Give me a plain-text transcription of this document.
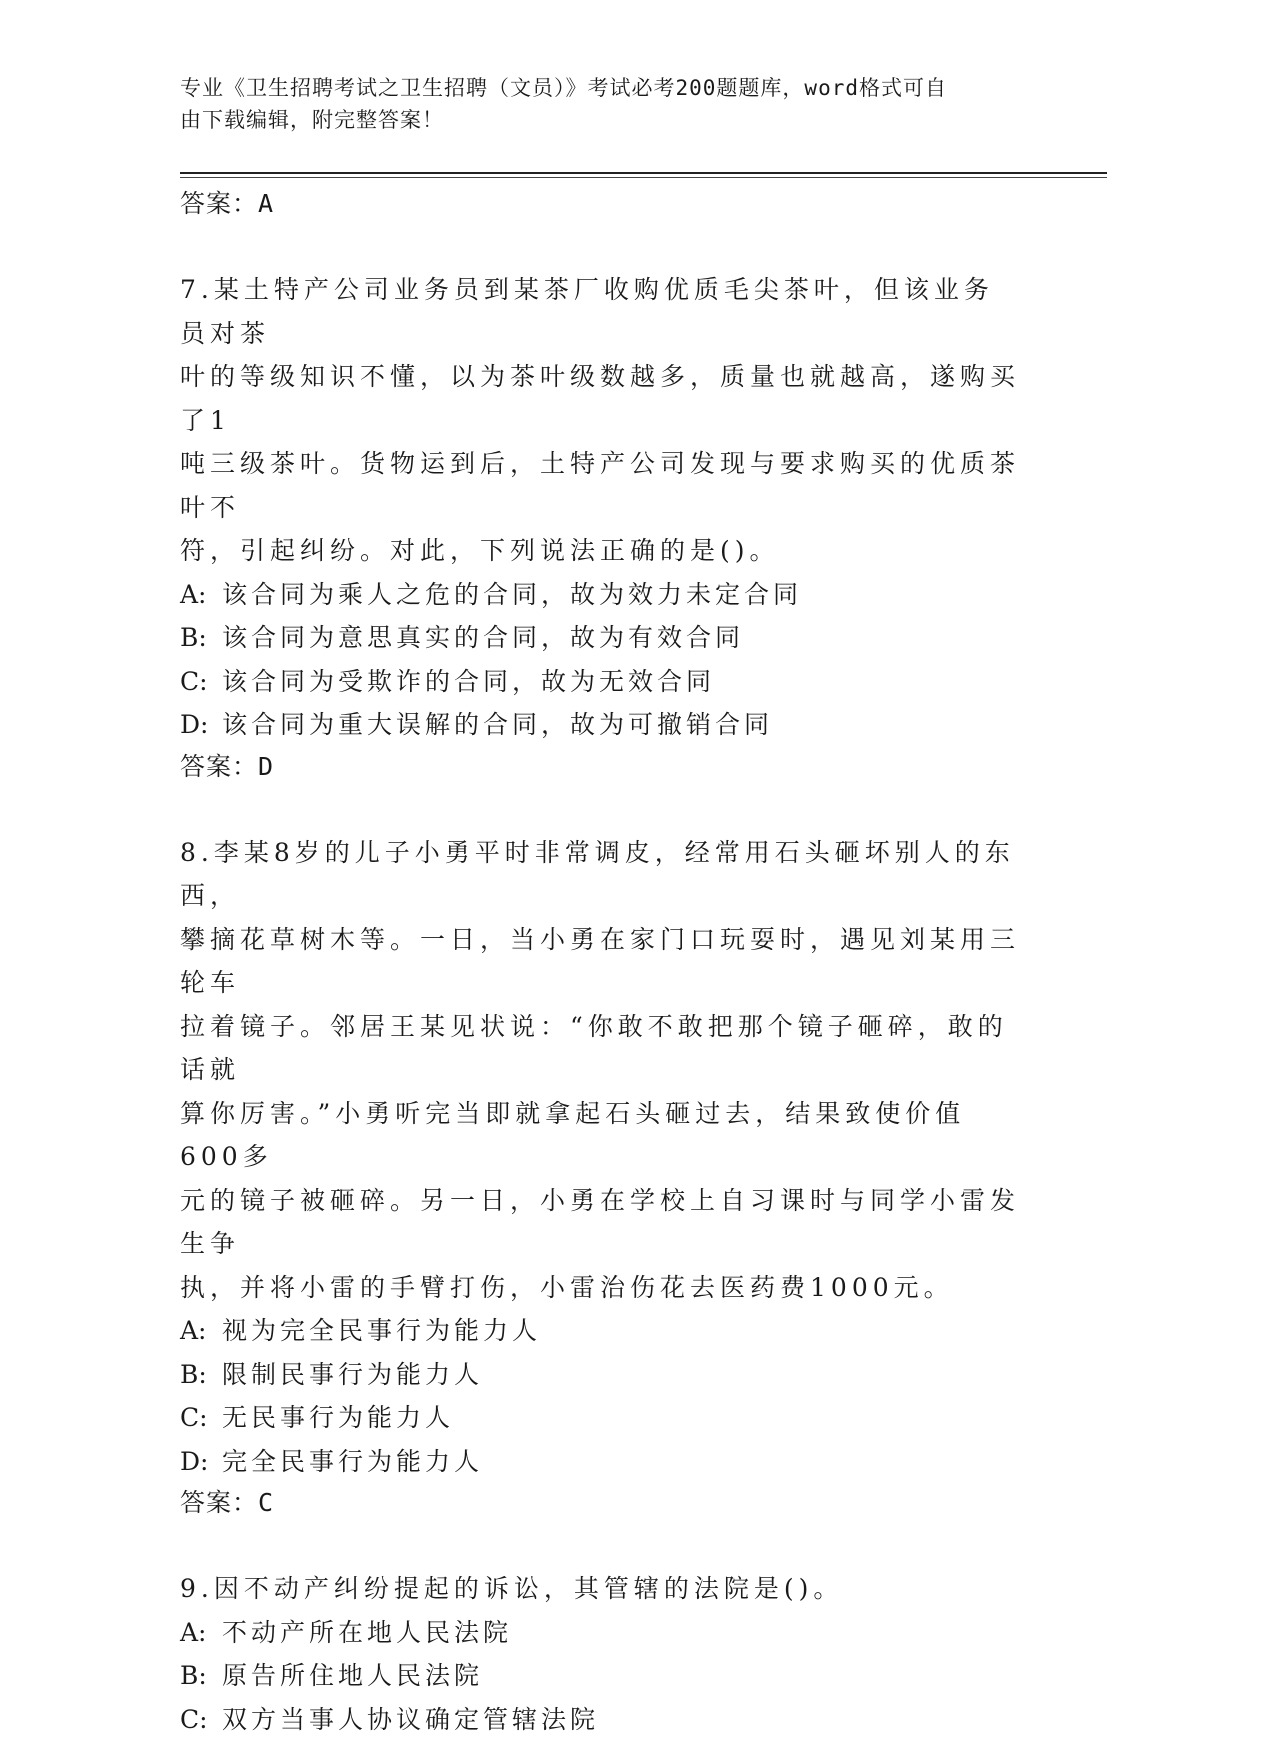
专业《卫生招聘考试之卫生招聘（文员）》考试必考200题题库，word格式可自
由下载编辑，附完整答案！
答案：A
7.某土特产公司业务员到某茶厂收购优质毛尖茶叶，但该业务员对茶
叶的等级知识不懂，以为茶叶级数越多，质量也就越高，遂购买了1
吨三级茶叶。货物运到后，土特产公司发现与要求购买的优质茶叶不
符，引起纠纷。对此，下列说法正确的是()。
A: 该合同为乘人之危的合同，故为效力未定合同
B: 该合同为意思真实的合同，故为有效合同
C: 该合同为受欺诈的合同，故为无效合同
D: 该合同为重大误解的合同，故为可撤销合同
答案：D
8.李某8岁的儿子小勇平时非常调皮，经常用石头砸坏别人的东西，
攀摘花草树木等。一日，当小勇在家门口玩耍时，遇见刘某用三轮车
拉着镜子。邻居王某见状说：“你敢不敢把那个镜子砸碎，敢的话就
算你厉害。”小勇听完当即就拿起石头砸过去，结果致使价值600多
元的镜子被砸碎。另一日，小勇在学校上自习课时与同学小雷发生争
执，并将小雷的手臂打伤，小雷治伤花去医药费1000元。
A: 视为完全民事行为能力人
B: 限制民事行为能力人
C: 无民事行为能力人
D: 完全民事行为能力人
答案：C
9.因不动产纠纷提起的诉讼，其管辖的法院是()。
A: 不动产所在地人民法院
B: 原告所住地人民法院
C: 双方当事人协议确定管辖法院
